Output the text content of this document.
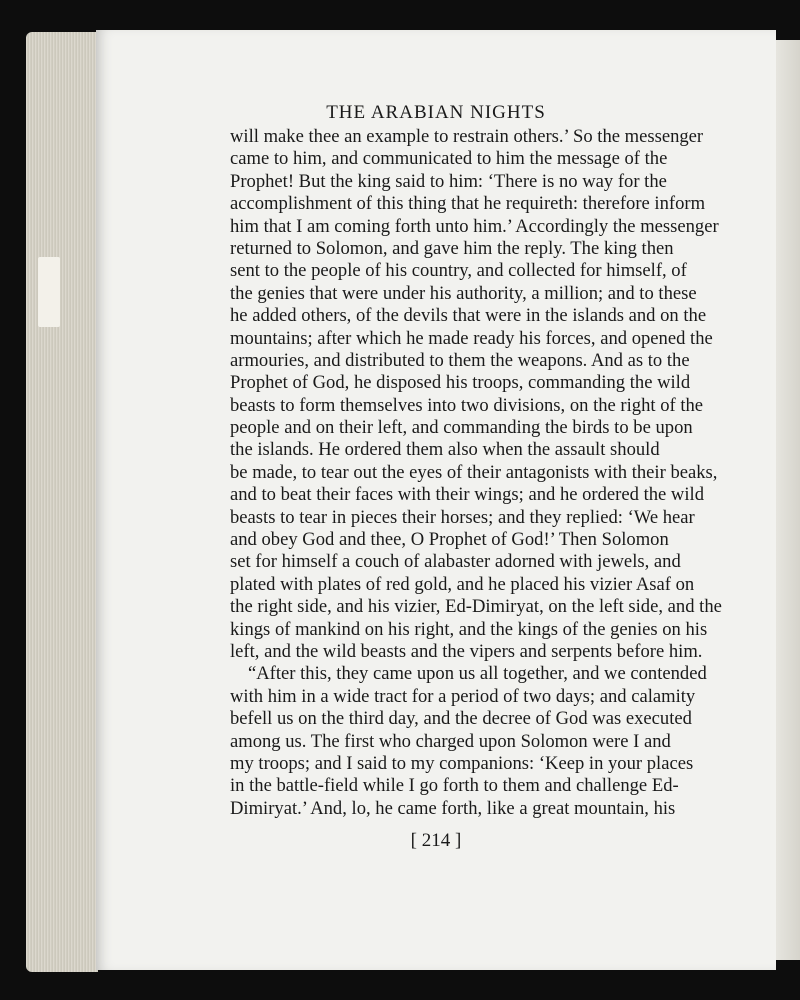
THE ARABIAN NIGHTS
will make thee an example to restrain others.’ So the messenger
came to him, and communicated to him the message of the
Prophet! But the king said to him: ‘There is no way for the
accomplishment of this thing that he requireth: therefore inform
him that I am coming forth unto him.’ Accordingly the messenger
returned to Solomon, and gave him the reply. The king then
sent to the people of his country, and collected for himself, of
the genies that were under his authority, a million; and to these
he added others, of the devils that were in the islands and on the
mountains; after which he made ready his forces, and opened the
armouries, and distributed to them the weapons. And as to the
Prophet of God, he disposed his troops, commanding the wild
beasts to form themselves into two divisions, on the right of the
people and on their left, and commanding the birds to be upon
the islands. He ordered them also when the assault should
be made, to tear out the eyes of their antagonists with their beaks,
and to beat their faces with their wings; and he ordered the wild
beasts to tear in pieces their horses; and they replied: ‘We hear
and obey God and thee, O Prophet of God!’ Then Solomon
set for himself a couch of alabaster adorned with jewels, and
plated with plates of red gold, and he placed his vizier Asaf on
the right side, and his vizier, Ed-Dimiryat, on the left side, and the
kings of mankind on his right, and the kings of the genies on his
left, and the wild beasts and the vipers and serpents before him.
“After this, they came upon us all together, and we contended
with him in a wide tract for a period of two days; and calamity
befell us on the third day, and the decree of God was executed
among us. The first who charged upon Solomon were I and
my troops; and I said to my companions: ‘Keep in your places
in the battle-field while I go forth to them and challenge Ed-
Dimiryat.’ And, lo, he came forth, like a great mountain, his
[ 214 ]
